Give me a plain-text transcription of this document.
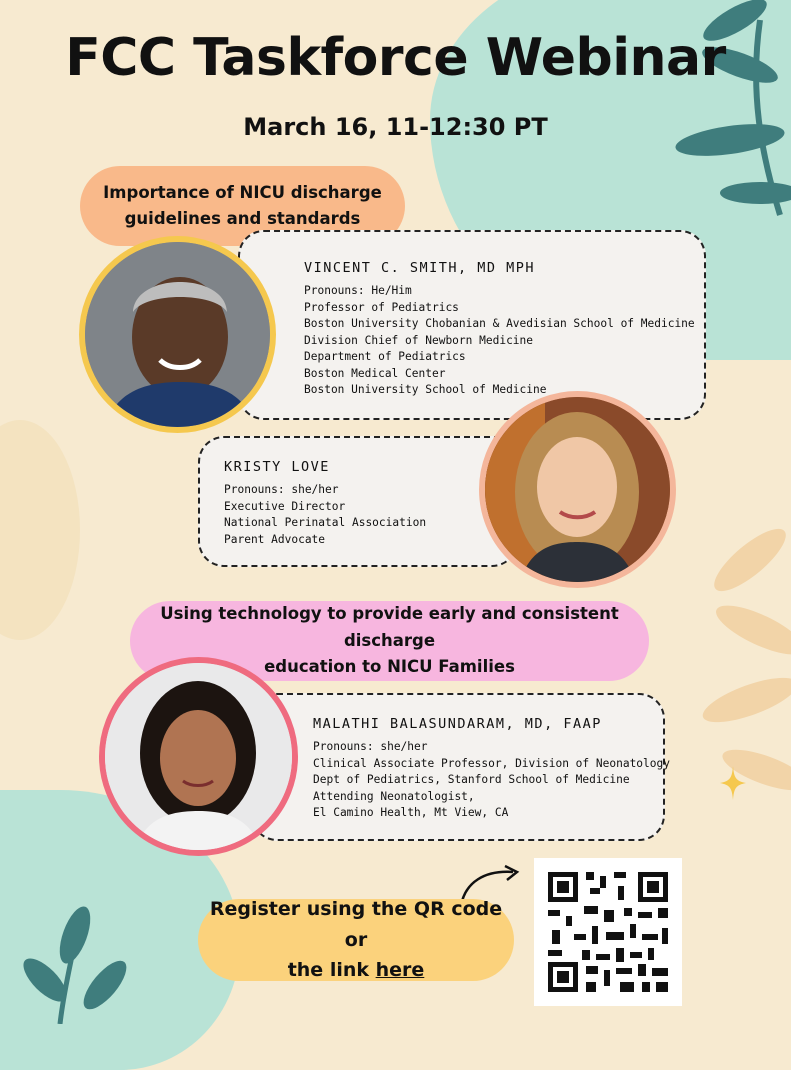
FCC Taskforce Webinar
March 16, 11-12:30 PT
Importance of NICU discharge
guidelines and standards
VINCENT C. SMITH, MD MPH
Pronouns: He/Him
Professor of Pediatrics
Boston University Chobanian & Avedisian School of Medicine
Division Chief of Newborn Medicine
Department of Pediatrics
Boston Medical Center
Boston University School of Medicine
KRISTY LOVE
Pronouns: she/her
Executive Director
National Perinatal Association
Parent Advocate
Using technology to provide early and consistent discharge
education to NICU Families
MALATHI BALASUNDARAM, MD, FAAP
Pronouns: she/her
Clinical Associate Professor, Division of Neonatology
Dept of Pediatrics, Stanford School of Medicine
Attending Neonatologist,
El Camino Health, Mt View, CA
Register using the QR code or
the link here
